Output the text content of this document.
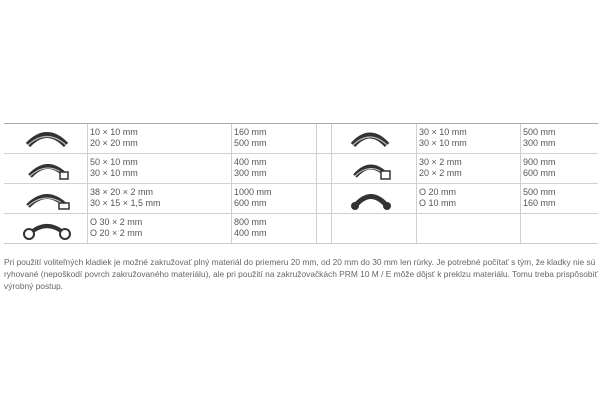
10 × 10 mm
20 × 20 mm
160 mm
500 mm
30 × 10 mm
30 × 10 mm
500 mm
300 mm
50 × 10 mm
30 × 10 mm
400 mm
300 mm
30 × 2 mm
20 × 2 mm
900 mm
600 mm
38 × 20 × 2 mm
30 × 15 × 1,5 mm
1000 mm
600 mm
O 20 mm
O 10 mm
500 mm
160 mm
O 30 × 2 mm
O 20 × 2 mm
800 mm
400 mm

Pri použití voliteľných kladiek je možné zakružovať plný materiál do priemeru 20 mm, od 20 mm do 30 mm len rúrky. Je potrebné počítať s tým, že kladky nie sú ryhované (nepoškodí povrch zakružovaného materiálu), ale pri použití na zakružovačkách PRM 10 M / E môže dôjsť k preklzu materiálu. Tomu treba prispôsobiť výrobný postup.
